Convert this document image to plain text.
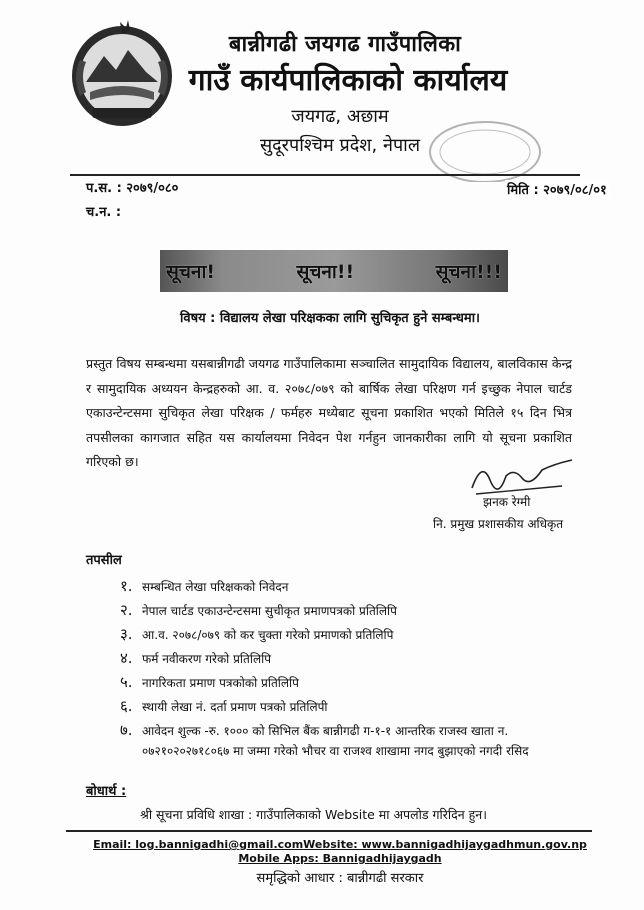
बान्नीगढी जयगढ गाउँपालिका
गाउँ कार्यपालिकाको कार्यालय
जयगढ, अछाम
सुदूरपश्चिम प्रदेश, नेपाल
प.स. : २०७९/०८०
च.न. :
मिति : २०७९/०८/०१
सूचना!	सूचना!!	सूचना!!!
विषय : विद्यालय लेखा परिक्षकका लागि सुचिकृत हुने सम्बन्धमा।
प्रस्तुत विषय सम्बन्धमा यसबान्नीगढी जयगढ गाउँपालिकामा सञ्चालित सामुदायिक विद्यालय, बालविकास केन्द्र र सामुदायिक अध्ययन केन्द्रहरुको आ. व. २०७८/०७९ को बार्षिक लेखा परिक्षण गर्न इच्छुक नेपाल चार्टड एकाउन्टेन्टसमा सुचिकृत लेखा परिक्षक / फर्महरु मध्येबाट सूचना प्रकाशित भएको मितिले १५ दिन भित्र तपसीलका कागजात सहित यस कार्यालयमा निवेदन पेश गर्नहुन जानकारीका लागि यो सूचना प्रकाशित गरिएको छ।
झनक रेग्मी
नि. प्रमुख प्रशासकीय अधिकृत
तपसील
१. सम्बन्धित लेखा परिक्षकको निवेदन
२. नेपाल चार्टड एकाउन्टेन्टसमा सुचीकृत प्रमाणपत्रको प्रतिलिपि
३. आ.व. २०७८/०७९ को कर चुक्ता गरेको प्रमाणको प्रतिलिपि
४. फर्म नवीकरण गरेको प्रतिलिपि
५. नागरिकता प्रमाण पत्रकोको प्रतिलिपि
६. स्थायी लेखा नं. दर्ता प्रमाण पत्रको प्रतिलिपी
७. आवेदन शुल्क -रु. १००० को सिभिल बैंक बान्नीगढी ग-१-१ आन्तरिक राजस्व खाता न.
०७२१०२०२७१८०६७ मा जम्मा गरेको भौचर वा राजश्व शाखामा नगद बुझाएको नगदी रसिद
बोधार्थ :
श्री सूचना प्रविधि शाखा : गाउँपालिकाको Website मा अपलोड गरिदिन हुन।
Email: log.bannigadhi@gmail.comWebsite: www.bannigadhijaygadhmun.gov.np
Mobile Apps: Bannigadhijaygadh
समृद्धिको आधार : बान्नीगढी सरकार
